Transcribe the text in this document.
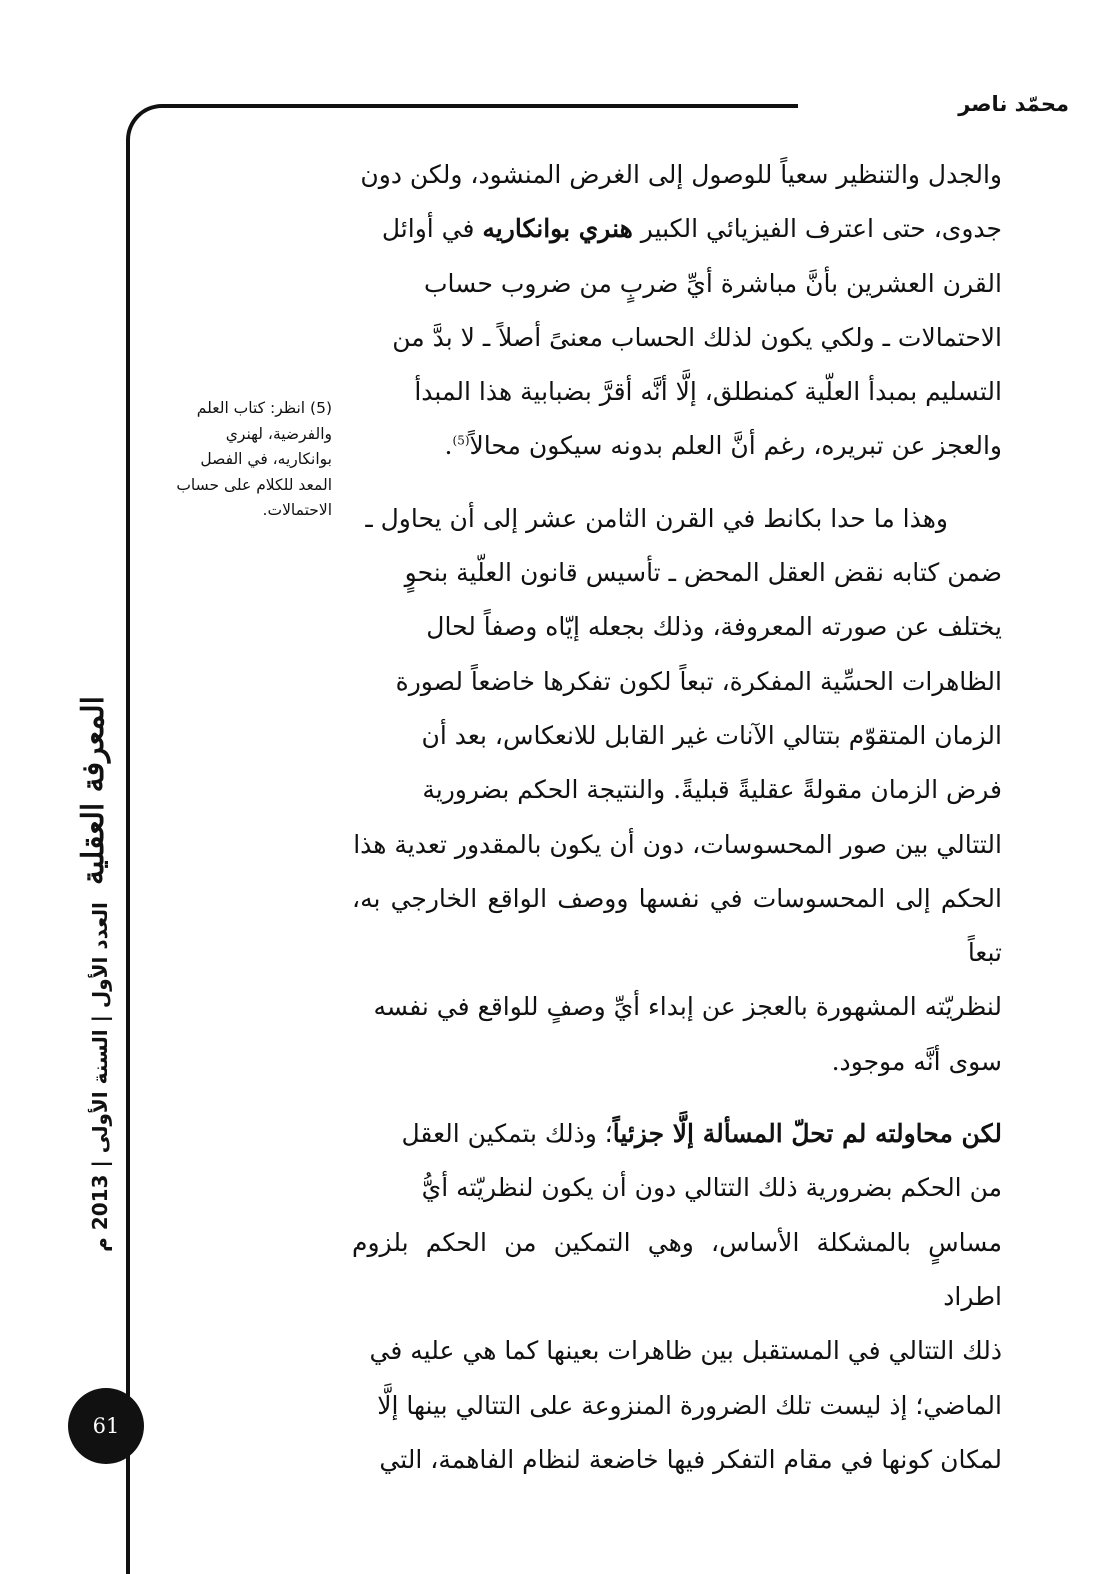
محمّد ناصر

والجدل والتنظير سعياً للوصول إلى الغرض المنشود، ولكن دون
جدوى، حتى اعترف الفيزيائي الكبير هنري بوانكاريه في أوائل
القرن العشرين بأنَّ مباشرة أيِّ ضربٍ من ضروب حساب
الاحتمالات ـ ولكي يكون لذلك الحساب معنىً أصلاً ـ لا بدَّ من
التسليم بمبدأ العلّية كمنطلق، إلَّا أنَّه أقرَّ بضبابية هذا المبدأ
والعجز عن تبريره، رغم أنَّ العلم بدونه سيكون محالاً$^{(5)}$.

وهذا ما حدا بكانط في القرن الثامن عشر إلى أن يحاول ـ
ضمن كتابه نقض العقل المحض ـ تأسيس قانون العلّية بنحوٍ
يختلف عن صورته المعروفة، وذلك بجعله إيّاه وصفاً لحال
الظاهرات الحسِّية المفكرة، تبعاً لكون تفكرها خاضعاً لصورة
الزمان المتقوّم بتتالي الآنات غير القابل للانعكاس، بعد أن
فرض الزمان مقولةً عقليةً قبليةً. والنتيجة الحكم بضرورية
التتالي بين صور المحسوسات، دون أن يكون بالمقدور تعدية هذا
الحكم إلى المحسوسات في نفسها ووصف الواقع الخارجي به، تبعاً
لنظريّته المشهورة بالعجز عن إبداء أيِّ وصفٍ للواقع في نفسه
سوى أنَّه موجود.

لكن محاولته لم تحلّ المسألة إلَّا جزئياً؛ وذلك بتمكين العقل
من الحكم بضرورية ذلك التتالي دون أن يكون لنظريّته أيُّ
مساسٍ بالمشكلة الأساس، وهي التمكين من الحكم بلزوم اطراد
ذلك التتالي في المستقبل بين ظاهرات بعينها كما هي عليه في
الماضي؛ إذ ليست تلك الضرورة المنزوعة على التتالي بينها إلَّا
لمكان كونها في مقام التفكر فيها خاضعة لنظام الفاهمة، التي

(5) انظر: كتاب العلم
والفرضية، لهنري
بوانكاريه، في الفصل
المعد للكلام على حساب
الاحتمالات.
المعرفة العقلية
العدد الأول | السنة الأولى | 2013 م
61
